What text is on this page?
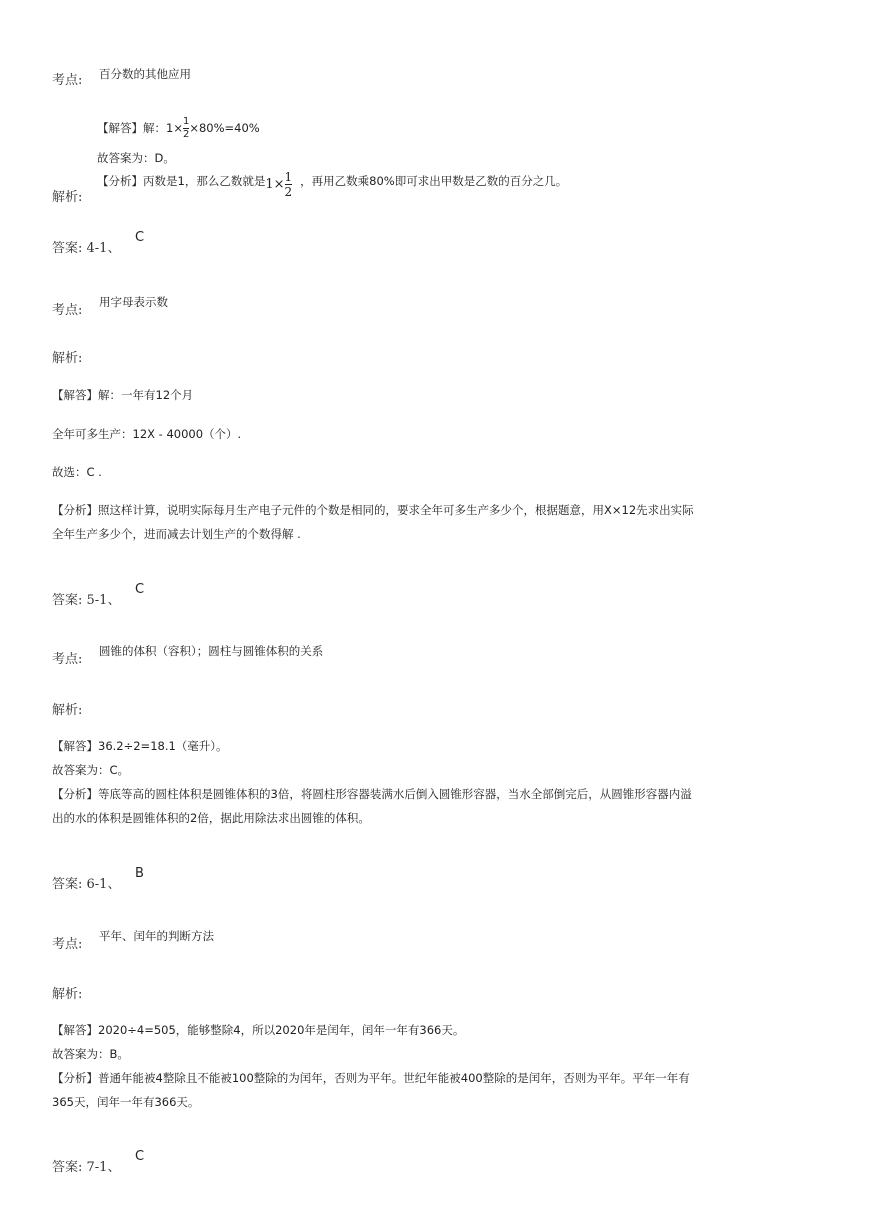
考点: 百分数的其他应用
【解答】解：$1\times \frac{1}{2} \times 80\%=40\%$
故答案为：D。
解析:
【分析】丙数是1，那么乙数就是$1\times \frac{1}{2}$ ，再用乙数乘80%即可求出甲数是乙数的百分之几。
答案: 4-1、
C
考点:
用字母表示数
解析:
【解答】解：一年有12个月
全年可多生产：12X - 40000（个）.
故选：C .
【分析】照这样计算，说明实际每月生产电子元件的个数是相同的，要求全年可多生产多少个，根据题意，用X×12先求出实际
全年生产多少个，进而减去计划生产的个数得解 .
答案: 5-1、
C
考点:
圆锥的体积（容积）；圆柱与圆锥体积的关系
解析:
【解答】36.2÷2=18.1（毫升）。
故答案为：C。
【分析】等底等高的圆柱体积是圆锥体积的3倍，将圆柱形容器装满水后倒入圆锥形容器，当水全部倒完后，从圆锥形容器内溢
出的水的体积是圆锥体积的2倍，据此用除法求出圆锥的体积。
答案: 6-1、
B
考点:
平年、闰年的判断方法
解析:
【解答】2020÷4=505，能够整除4，所以2020年是闰年，闰年一年有366天。
故答案为：B。
【分析】普通年能被4整除且不能被100整除的为闰年，否则为平年。世纪年能被400整除的是闰年，否则为平年。平年一年有
365天，闰年一年有366天。
答案: 7-1、
C
